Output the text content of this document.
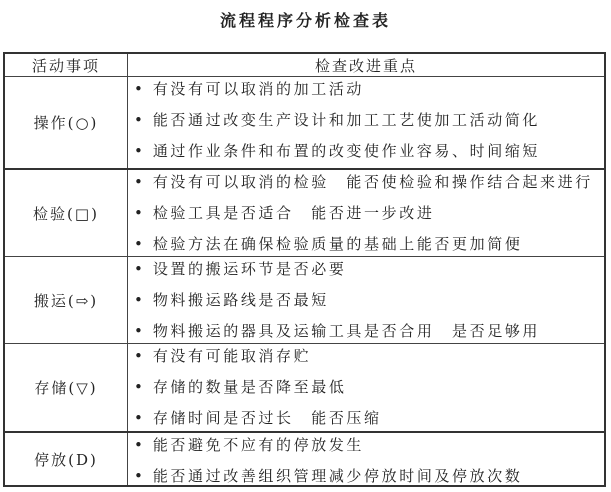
流程程序分析检查表
活动事项	检查改进重点
操作(○)
• 有没有可以取消的加工活动
• 能否通过改变生产设计和加工工艺使加工活动简化
• 通过作业条件和布置的改变使作业容易、时间缩短
检验(□)
• 有没有可以取消的检验　能否使检验和操作结合起来进行
• 检验工具是否适合　能否进一步改进
• 检验方法在确保检验质量的基础上能否更加简便
搬运(⇨)
• 设置的搬运环节是否必要
• 物料搬运路线是否最短
• 物料搬运的器具及运输工具是否合用　是否足够用
存储(▽)
• 有没有可能取消存贮
• 存储的数量是否降至最低
• 存储时间是否过长　能否压缩
停放(D)
• 能否避免不应有的停放发生
• 能否通过改善组织管理减少停放时间及停放次数
